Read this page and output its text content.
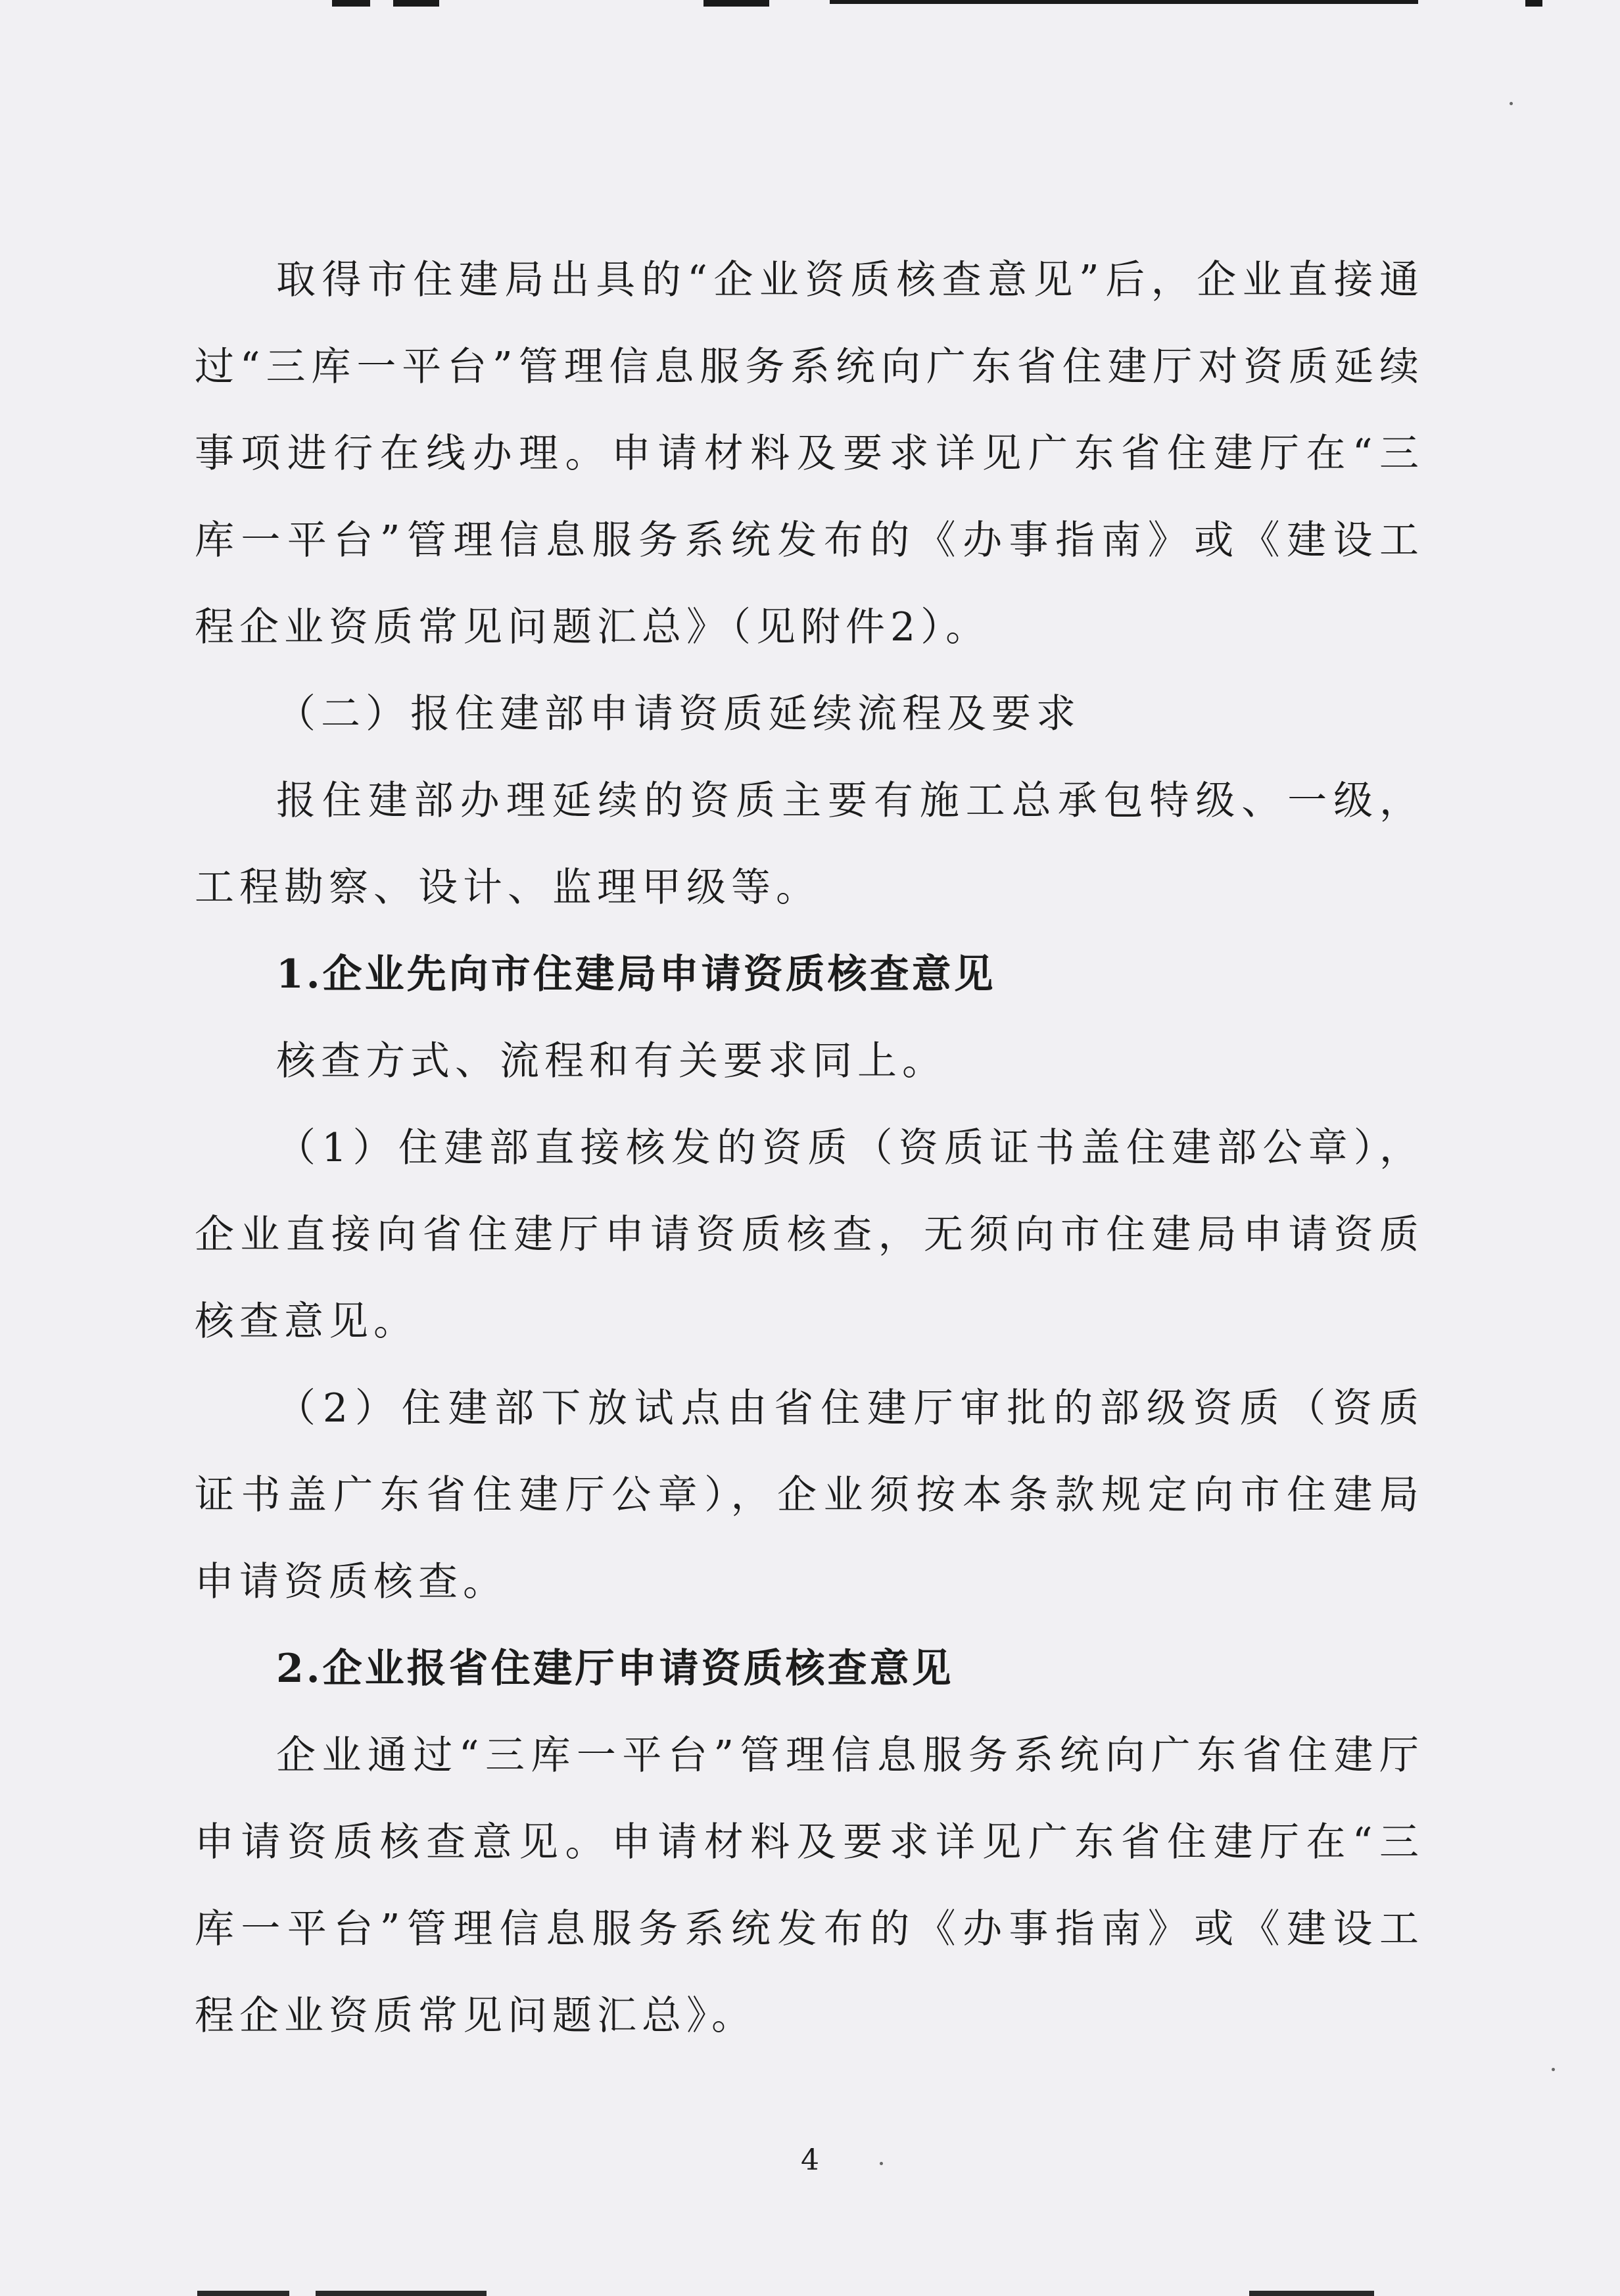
取得市住建局出具的“企业资质核查意见”后，企业直接通过“三库一平台”管理信息服务系统向广东省住建厅对资质延续事项进行在线办理。申请材料及要求详见广东省住建厅在“三库一平台”管理信息服务系统发布的《办事指南》或《建设工程企业资质常见问题汇总》（见附件2）。

（二）报住建部申请资质延续流程及要求

报住建部办理延续的资质主要有施工总承包特级、一级，工程勘察、设计、监理甲级等。

1.企业先向市住建局申请资质核查意见

核查方式、流程和有关要求同上。

（1）住建部直接核发的资质（资质证书盖住建部公章），企业直接向省住建厅申请资质核查，无须向市住建局申请资质核查意见。

（2）住建部下放试点由省住建厅审批的部级资质（资质证书盖广东省住建厅公章），企业须按本条款规定向市住建局申请资质核查。

2.企业报省住建厅申请资质核查意见

企业通过“三库一平台”管理信息服务系统向广东省住建厅申请资质核查意见。申请材料及要求详见广东省住建厅在“三库一平台”管理信息服务系统发布的《办事指南》或《建设工程企业资质常见问题汇总》。

4
